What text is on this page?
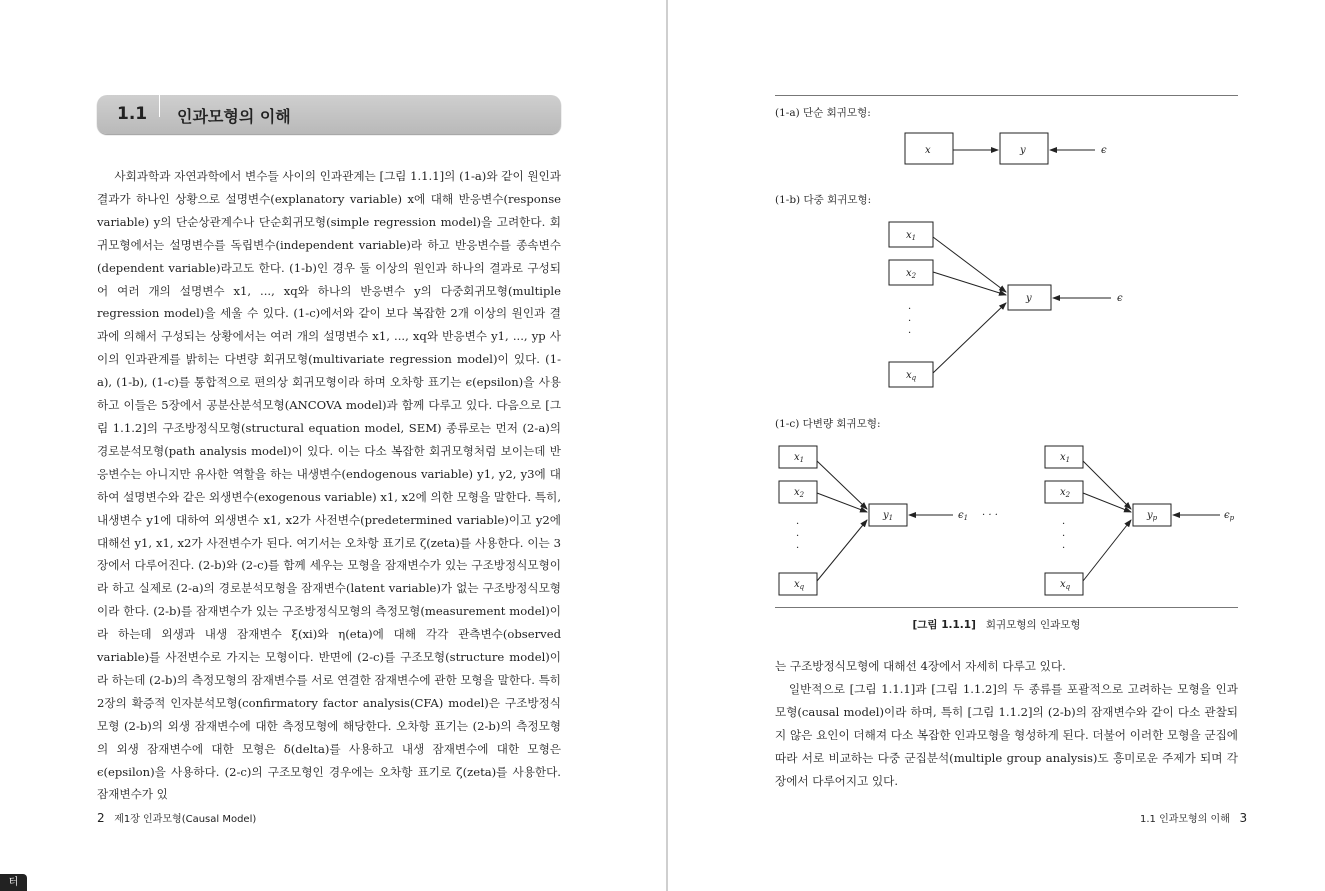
1.1 인과모형의 이해

사회과학과 자연과학에서 변수들 사이의 인과관계는 [그림 1.1.1]의 (1-a)와 같이 원인과 결과가 하나인 상황으로 설명변수(explanatory variable) x에 대해 반응변수(response variable) y의 단순상관계수나 단순회귀모형(simple regression model)을 고려한다. 회귀모형에서는 설명변수를 독립변수(independent variable)라 하고 반응변수를 종속변수(dependent variable)라고도 한다. (1-b)인 경우 둘 이상의 원인과 하나의 결과로 구성되어 여러 개의 설명변수 x1, ..., xq와 하나의 반응변수 y의 다중회귀모형(multiple regression model)을 세울 수 있다. (1-c)에서와 같이 보다 복잡한 2개 이상의 원인과 결과에 의해서 구성되는 상황에서는 여러 개의 설명변수 x1, ..., xq와 반응변수 y1, ..., yp 사이의 인과관계를 밝히는 다변량 회귀모형(multivariate regression model)이 있다. (1-a), (1-b), (1-c)를 통합적으로 편의상 회귀모형이라 하며 오차항 표기는 ϵ(epsilon)을 사용하고 이들은 5장에서 공분산분석모형(ANCOVA model)과 함께 다루고 있다. 다음으로 [그림 1.1.2]의 구조방정식모형(structural equation model, SEM) 종류로는 먼저 (2-a)의 경로분석모형(path analysis model)이 있다. 이는 다소 복잡한 회귀모형처럼 보이는데 반응변수는 아니지만 유사한 역할을 하는 내생변수(endogenous variable) y1, y2, y3에 대하여 설명변수와 같은 외생변수(exogenous variable) x1, x2에 의한 모형을 말한다. 특히, 내생변수 y1에 대하여 외생변수 x1, x2가 사전변수(predetermined variable)이고 y2에 대해선 y1, x1, x2가 사전변수가 된다. 여기서는 오차항 표기로 ζ(zeta)를 사용한다. 이는 3장에서 다루어진다. (2-b)와 (2-c)를 함께 세우는 모형을 잠재변수가 있는 구조방정식모형이라 하고 실제로 (2-a)의 경로분석모형을 잠재변수(latent variable)가 없는 구조방정식모형이라 한다. (2-b)를 잠재변수가 있는 구조방정식모형의 측정모형(measurement model)이라 하는데 외생과 내생 잠재변수 ξ(xi)와 η(eta)에 대해 각각 관측변수(observed variable)를 사전변수로 가지는 모형이다. 반면에 (2-c)를 구조모형(structure model)이라 하는데 (2-b)의 측정모형의 잠재변수를 서로 연결한 잠재변수에 관한 모형을 말한다. 특히 2장의 확증적 인자분석모형(confirmatory factor analysis(CFA) model)은 구조방정식모형 (2-b)의 외생 잠재변수에 대한 측정모형에 해당한다. 오차항 표기는 (2-b)의 측정모형의 외생 잠재변수에 대한 모형은 δ(delta)를 사용하고 내생 잠재변수에 대한 모형은 ϵ(epsilon)을 사용하다. (2-c)의 구조모형인 경우에는 오차항 표기로 ζ(zeta)를 사용한다. 잠재변수가 있

2 제1장 인과모형(Causal Model)
(1-a) 단순 회귀모형:
(1-b) 다중 회귀모형:
(1-c) 다변량 회귀모형:
x	y	ϵ
$x_1$
$x_2$
$x_q$
y	ϵ
·
·
·
$x_1$
$x_2$
$x_q$
$y_1$	$\epsilon_1$
·
·
·
· · ·
$x_1$
$x_2$
$x_q$
$y_p$	$\epsilon_p$
·
·
·
[그림 1.1.1] 회귀모형의 인과모형

는 구조방정식모형에 대해선 4장에서 자세히 다루고 있다.

일반적으로 [그림 1.1.1]과 [그림 1.1.2]의 두 종류를 포괄적으로 고려하는 모형을 인과모형(causal model)이라 하며, 특히 [그림 1.1.2]의 (2-b)의 잠재변수와 같이 다소 관찰되지 않은 요인이 더해져 다소 복잡한 인과모형을 형성하게 된다. 더불어 이러한 모형을 군집에 따라 서로 비교하는 다중 군집분석(multiple group analysis)도 흥미로운 주제가 되며 각 장에서 다루어지고 있다.

1.1 인과모형의 이해 3
터
